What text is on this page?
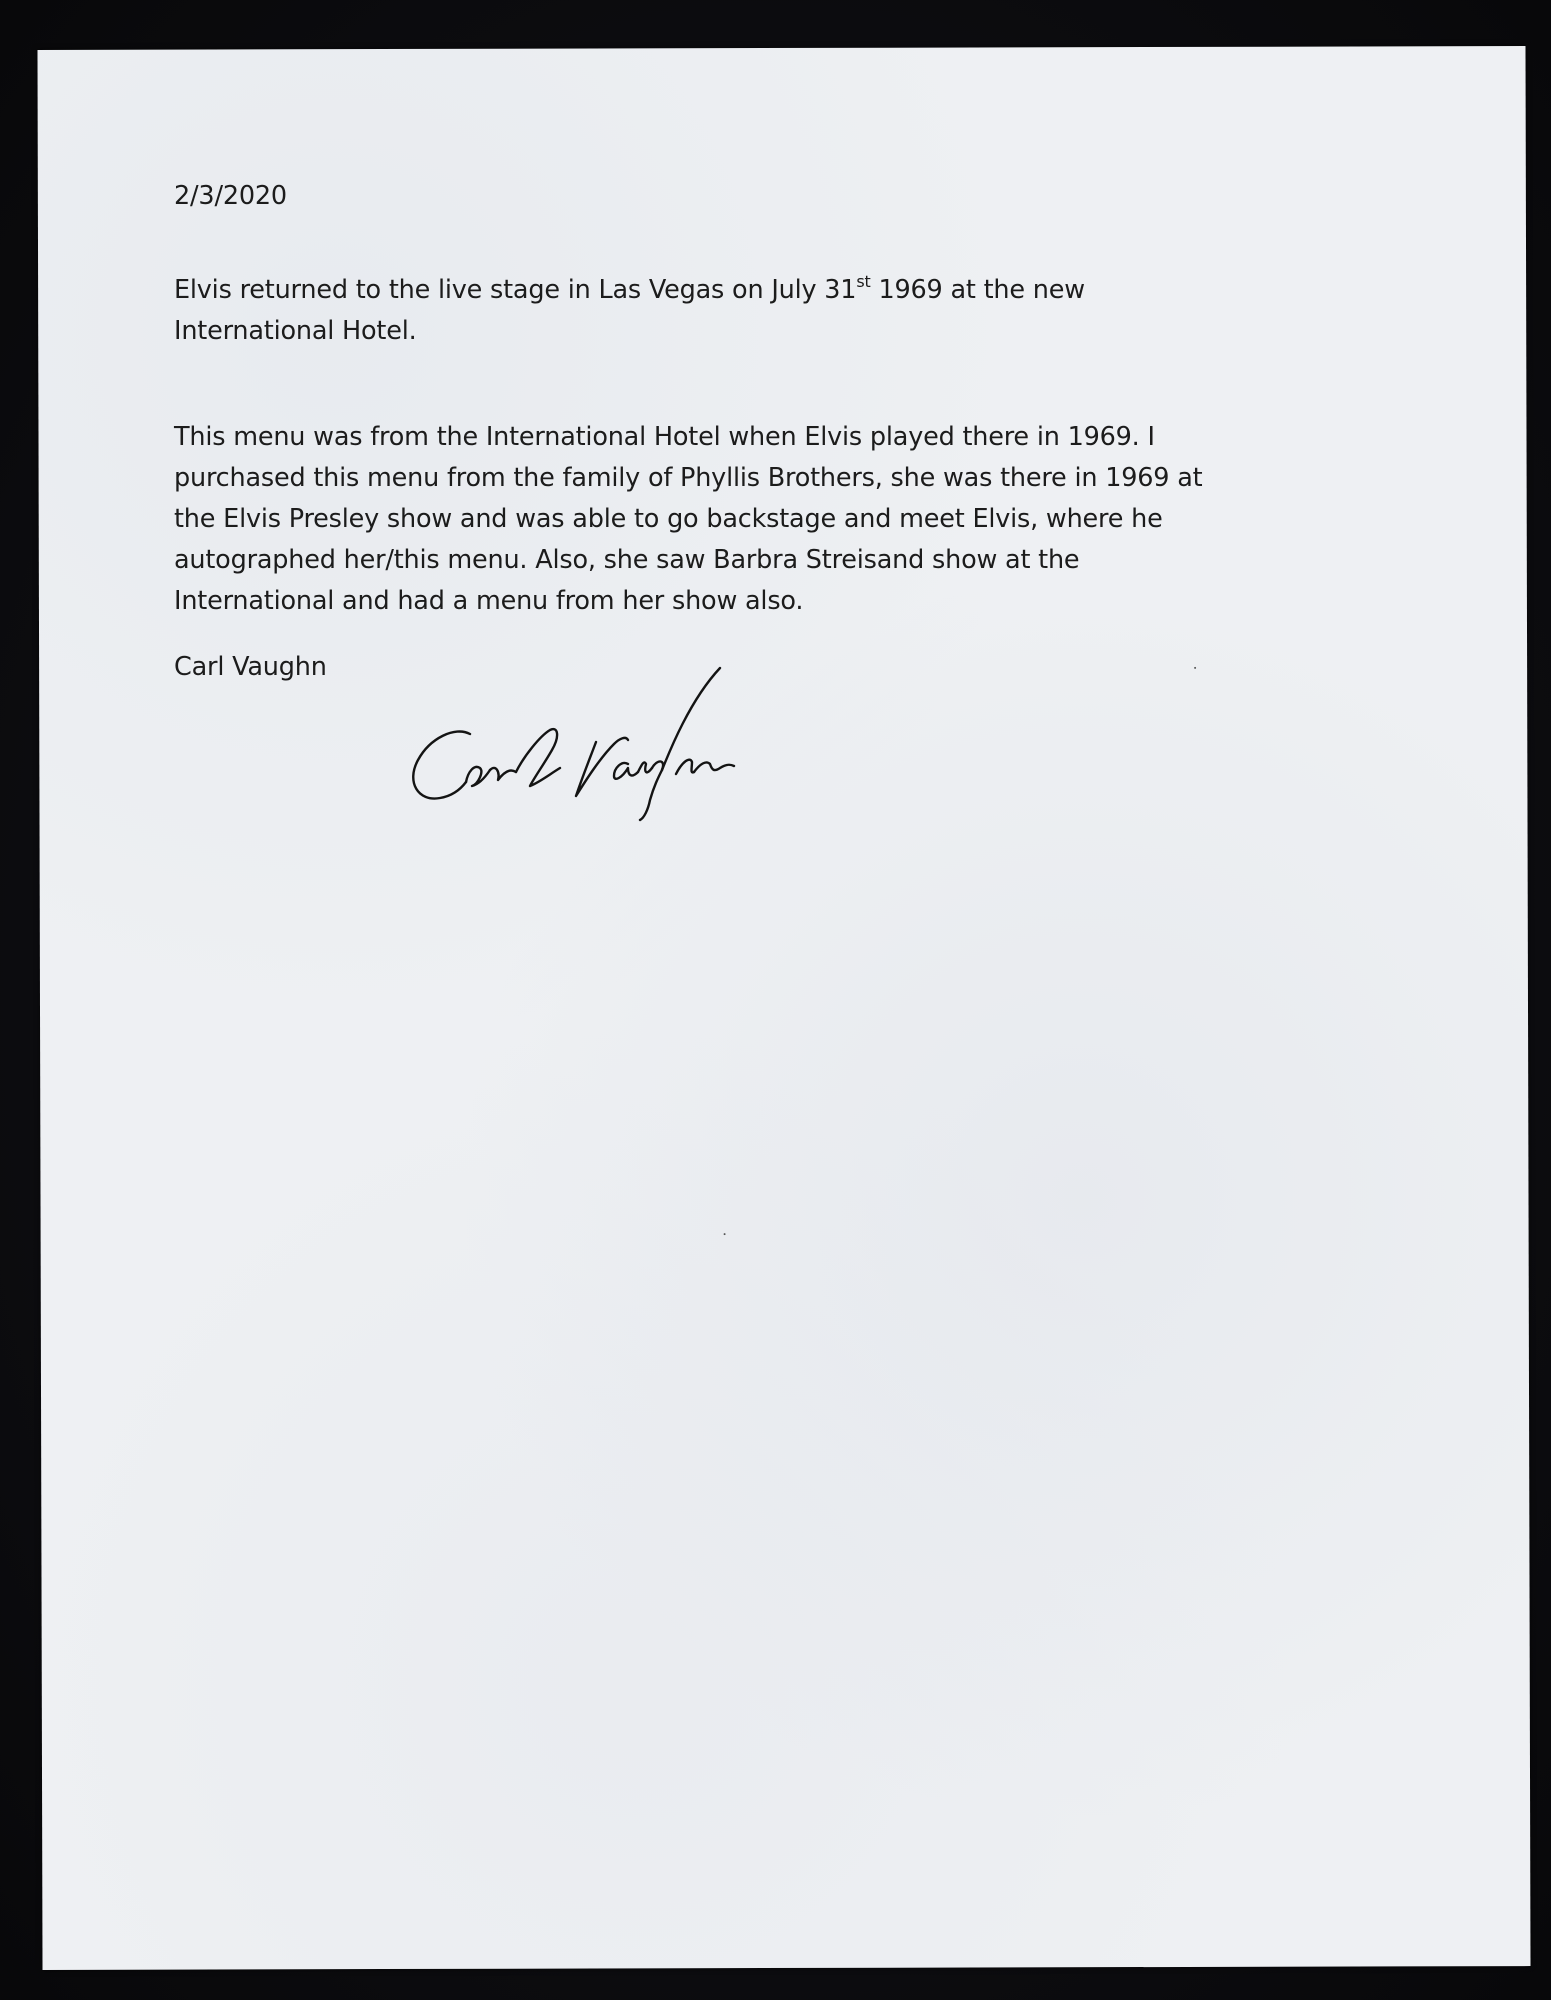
2/3/2020
Elvis returned to the live stage in Las Vegas on July 31st 1969 at the new
International Hotel.
This menu was from the International Hotel when Elvis played there in 1969. I
purchased this menu from the family of Phyllis Brothers, she was there in 1969 at
the Elvis Presley show and was able to go backstage and meet Elvis, where he
autographed her/this menu. Also, she saw Barbra Streisand show at the
International and had a menu from her show also.
Carl Vaughn
